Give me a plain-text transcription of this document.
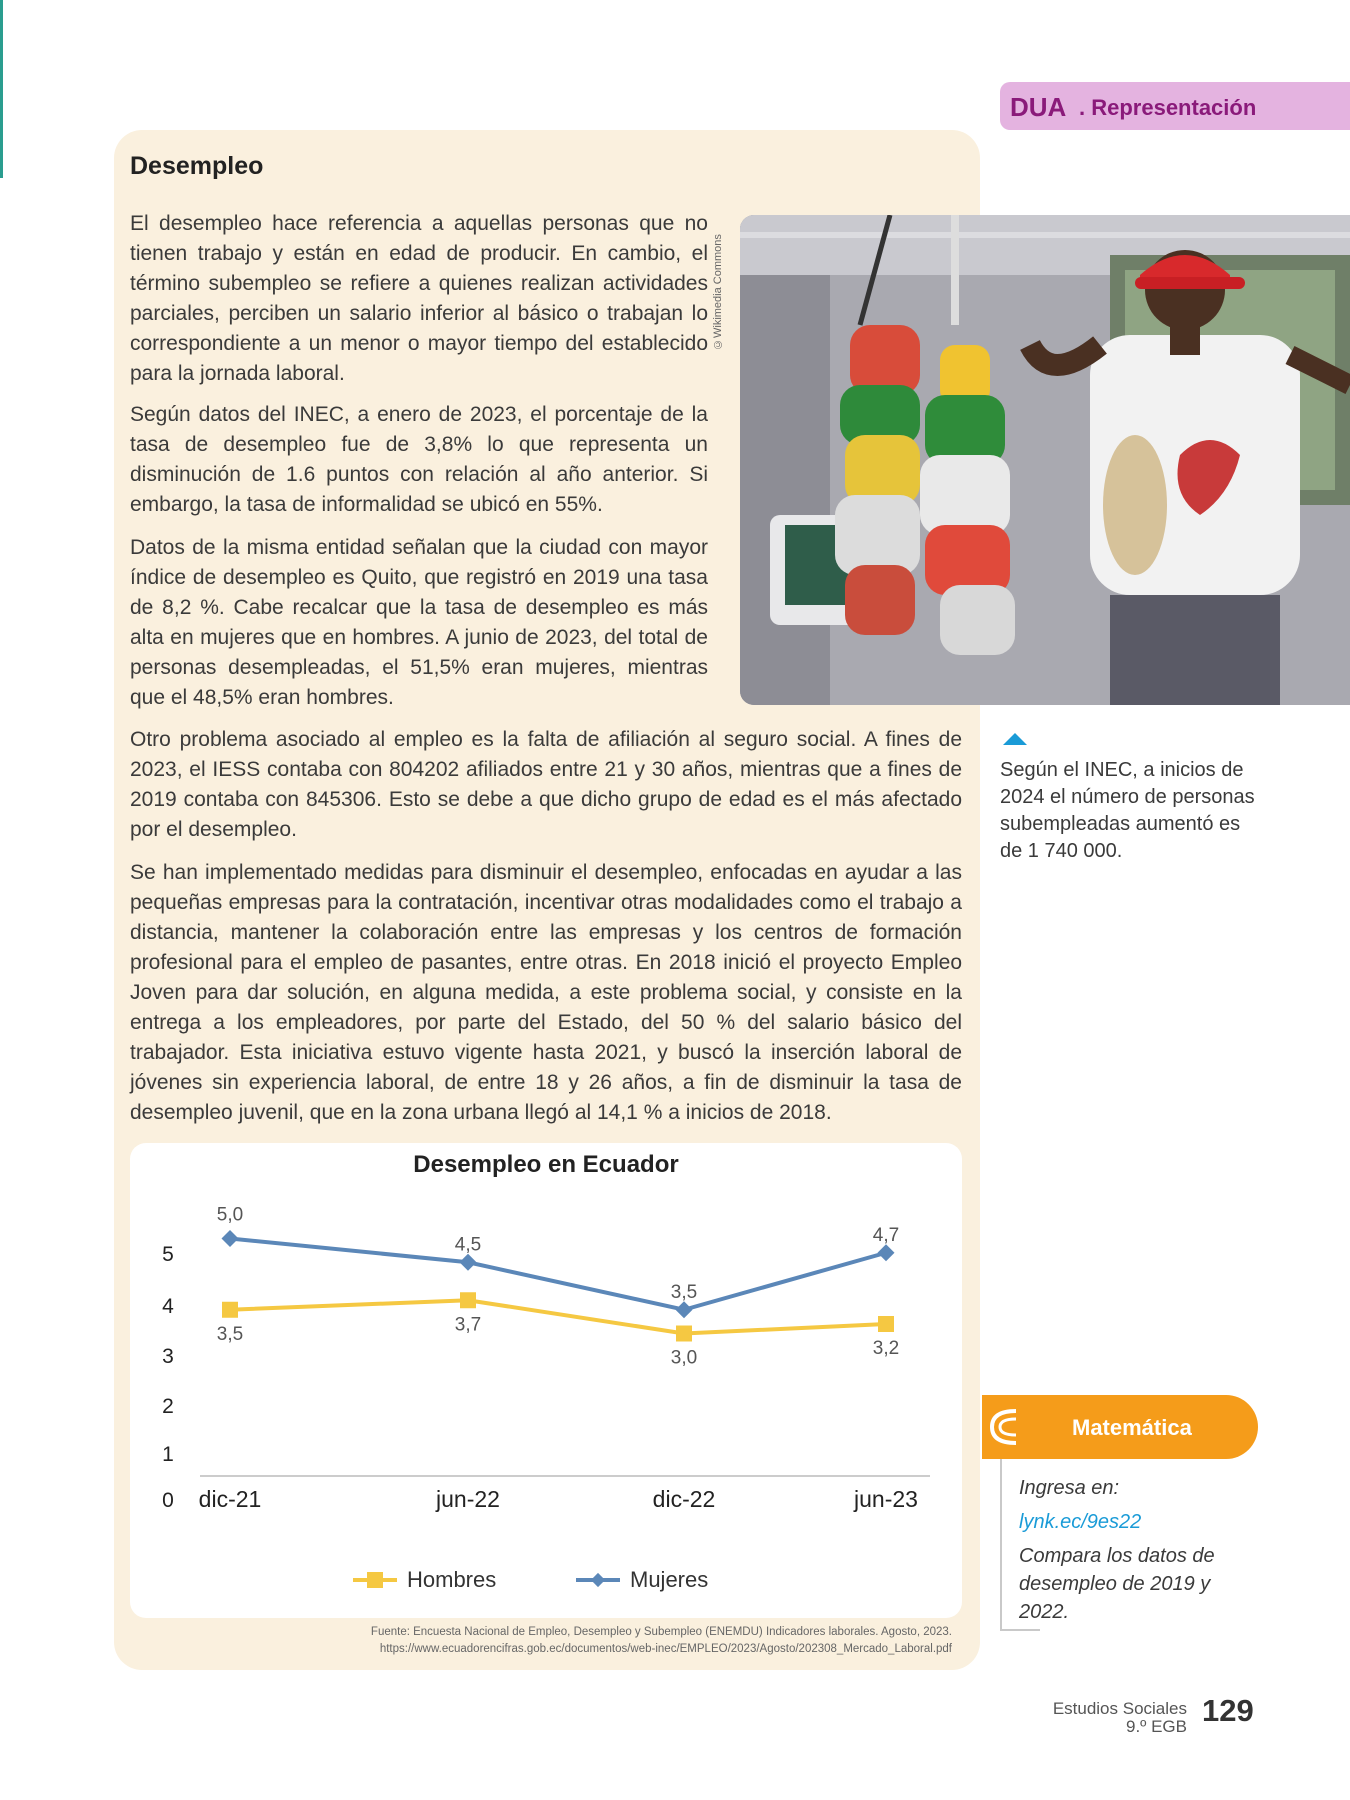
DUA . Representación
Desempleo

El desempleo hace referencia a aquellas personas que no tienen trabajo y están en edad de producir. En cambio, el término subempleo se refiere a quienes realizan actividades parciales, perciben un salario inferior al básico o trabajan lo correspondiente a un menor o mayor tiempo del establecido para la jornada laboral.

Según datos del INEC, a enero de 2023, el porcentaje de la tasa de desempleo fue de 3,8% lo que representa un disminución de 1.6 puntos con relación al año anterior. Si embargo, la tasa de informalidad se ubicó en 55%.

Datos de la misma entidad señalan que la ciudad con mayor índice de desempleo es Quito, que registró en 2019 una tasa de 8,2 %. Cabe recalcar que la tasa de desempleo es más alta en mujeres que en hombres. A junio de 2023, del total de personas desempleadas, el 51,5% eran mujeres, mientras que el 48,5% eran hombres.

Otro problema asociado al empleo es la falta de afiliación al seguro social. A fines de 2023, el IESS contaba con 804202 afiliados entre 21 y 30 años, mientras que a fines de 2019 contaba con 845306. Esto se debe a que dicho grupo de edad es el más afectado por el desempleo.

Se han implementado medidas para disminuir el desempleo, enfocadas en ayudar a las pequeñas empresas para la contratación, incentivar otras modalidades como el trabajo a distancia, mantener la colaboración entre las empresas y los centros de formación profesional para el empleo de pasantes, entre otras. En 2018 inició el proyecto Empleo Joven para dar solución, en alguna medida, a este problema social, y consiste en la entrega a los empleadores, por parte del Estado, del 50 % del salario básico del trabajador. Esta iniciativa estuvo vigente hasta 2021, y buscó la inserción laboral de jóvenes sin experiencia laboral, de entre 18 y 26 años, a fin de disminuir la tasa de desempleo juvenil, que en la zona urbana llegó al 14,1 % a inicios de 2018.

©Wikimedia Commons

Según el INEC, a inicios de 2024 el número de personas subempleadas aumentó es de 1 740 000.

Desempleo en Ecuador
0
1
2
3
4
5
dic-21	jun-22	dic-22	jun-23
3,5	3,7
3,0	3,2
5,0
4,5
3,5
4,7
Hombres	Mujeres
Fuente: Encuesta Nacional de Empleo, Desempleo y Subempleo (ENEMDU) Indicadores laborales. Agosto, 2023.
https://www.ecuadorencifras.gob.ec/documentos/web-inec/EMPLEO/2023/Agosto/202308_Mercado_Laboral.pdf
Matemática

Ingresa en:

lynk.ec/9es22

Compara los datos de desempleo de 2019 y 2022.

Estudios Sociales
9.º EGB 129
